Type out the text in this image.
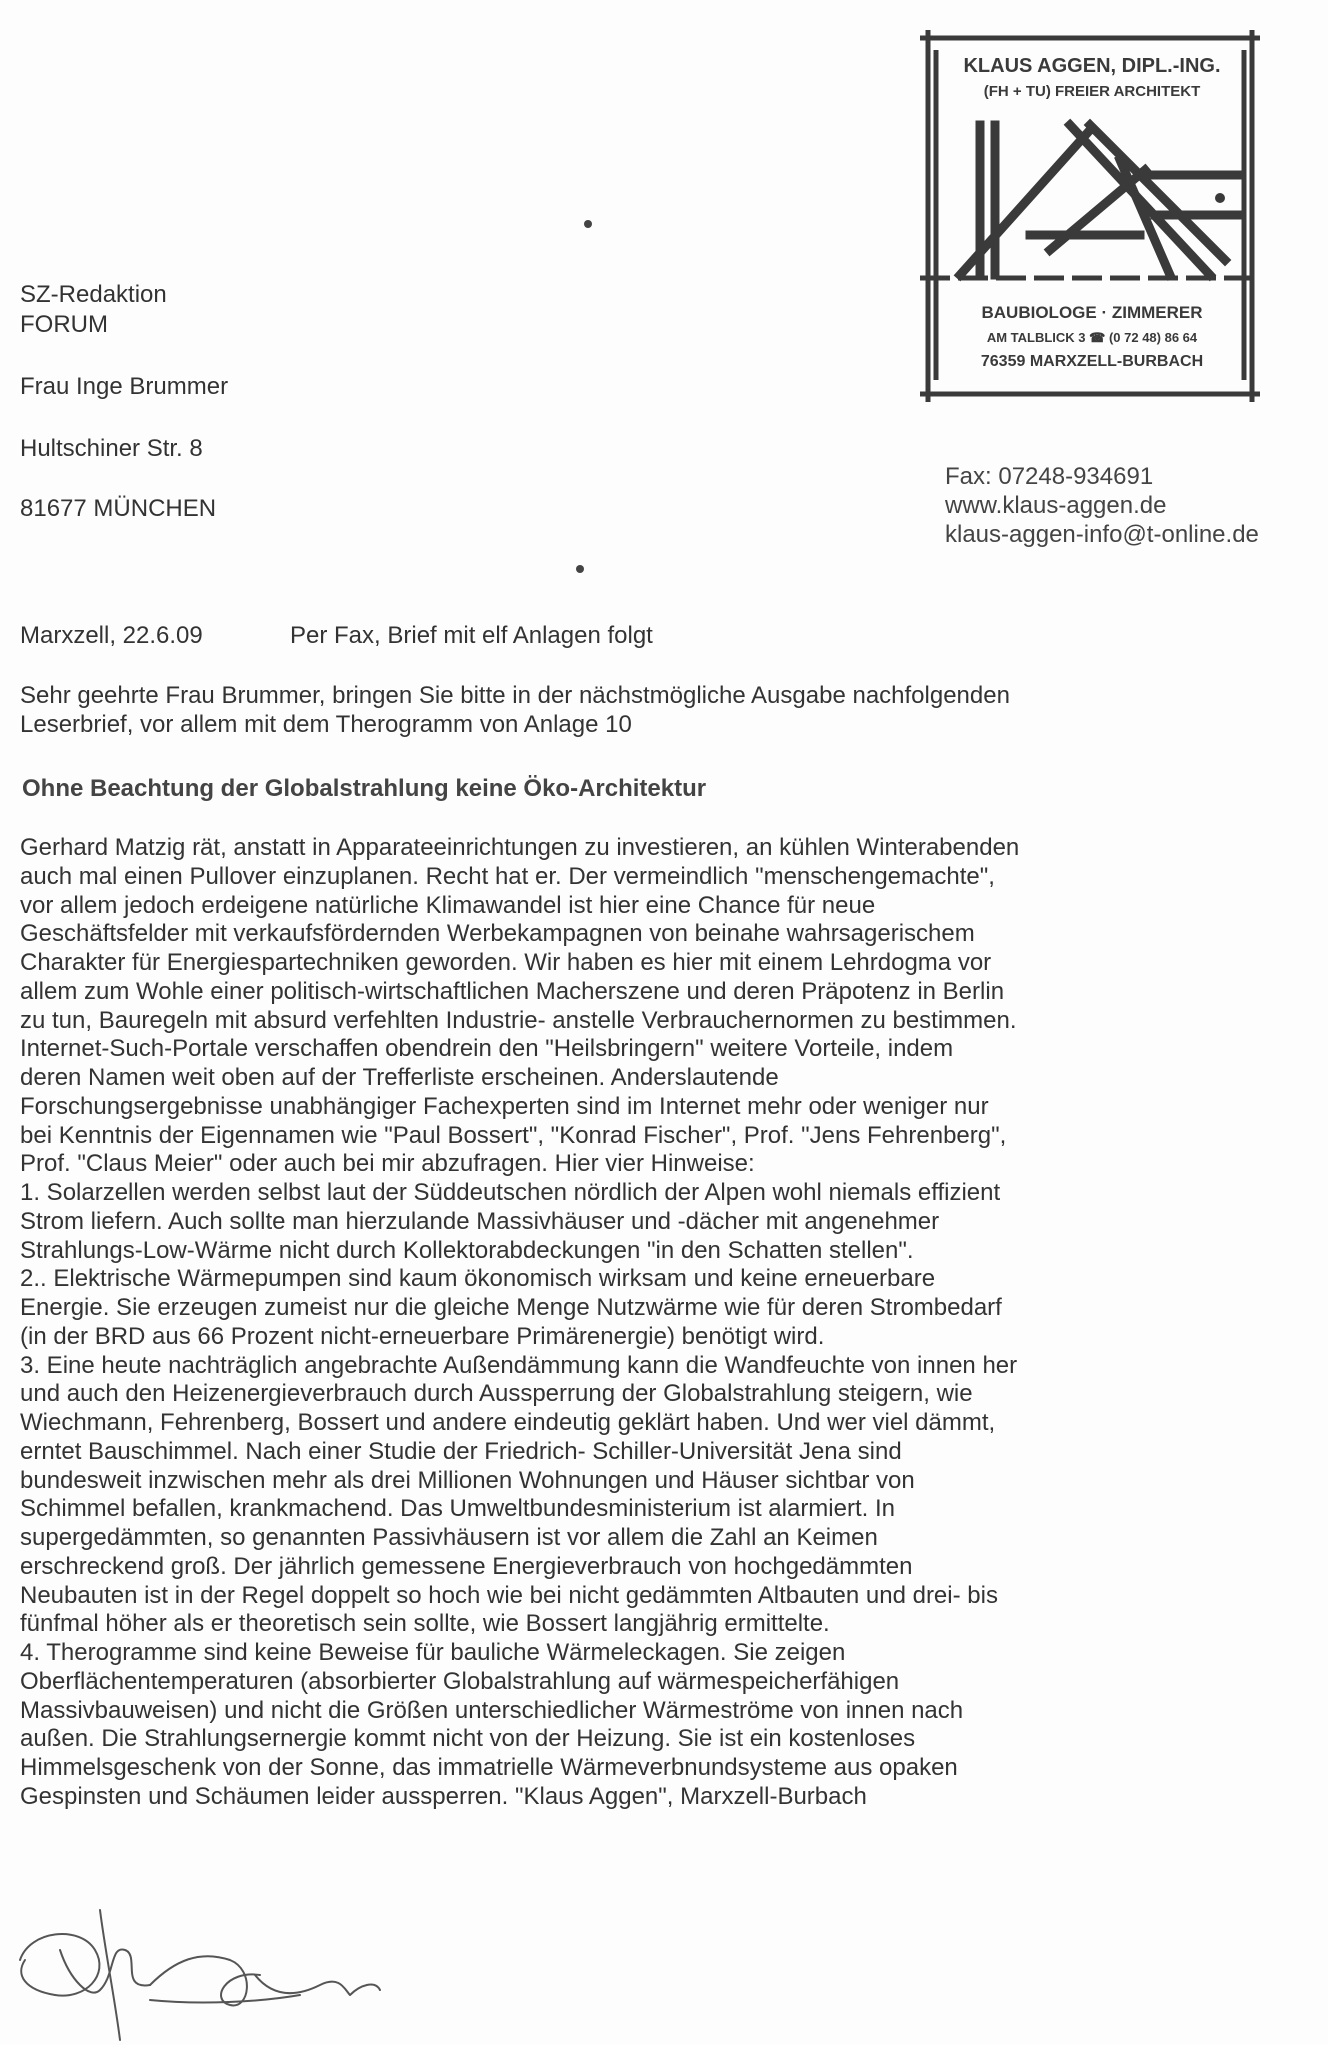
KLAUS AGGEN, DIPL.-ING.
(FH + TU) FREIER ARCHITEKT
BAUBIOLOGE · ZIMMERER
AM TALBLICK 3 ☎ (0 72 48) 86 64
76359 MARXZELL-BURBACH
SZ-Redaktion
FORUM
Frau Inge Brummer
Hultschiner Str. 8
81677 MÜNCHEN
Fax: 07248-934691
www.klaus-aggen.de
klaus-aggen-info@t-online.de
Marxzell, 22.6.09	Per Fax, Brief mit elf Anlagen folgt
Sehr geehrte Frau Brummer, bringen Sie bitte in der nächstmögliche Ausgabe nachfolgenden
Leserbrief, vor allem mit dem Therogramm von Anlage 10
Ohne Beachtung der Globalstrahlung keine Öko-Architektur
Gerhard Matzig rät, anstatt in Apparateeinrichtungen zu investieren, an kühlen Winterabenden
auch mal einen Pullover einzuplanen. Recht hat er. Der vermeindlich "menschengemachte",
vor allem jedoch erdeigene natürliche Klimawandel ist hier eine Chance für neue
Geschäftsfelder mit verkaufsfördernden Werbekampagnen von beinahe wahrsagerischem
Charakter für Energiespartechniken geworden. Wir haben es hier mit einem Lehrdogma vor
allem zum Wohle einer politisch-wirtschaftlichen Macherszene und deren Präpotenz in Berlin
zu tun, Bauregeln mit absurd verfehlten Industrie- anstelle Verbrauchernormen zu bestimmen.
Internet-Such-Portale verschaffen obendrein den "Heilsbringern" weitere Vorteile, indem
deren Namen weit oben auf der Trefferliste erscheinen. Anderslautende
Forschungsergebnisse unabhängiger Fachexperten sind im Internet mehr oder weniger nur
bei Kenntnis der Eigennamen wie "Paul Bossert", "Konrad Fischer", Prof. "Jens Fehrenberg",
Prof. "Claus Meier" oder auch bei mir abzufragen. Hier vier Hinweise:
1. Solarzellen werden selbst laut der Süddeutschen nördlich der Alpen wohl niemals effizient
Strom liefern. Auch sollte man hierzulande Massivhäuser und -dächer mit angenehmer
Strahlungs-Low-Wärme nicht durch Kollektorabdeckungen "in den Schatten stellen".
2.. Elektrische Wärmepumpen sind kaum ökonomisch wirksam und keine erneuerbare
Energie. Sie erzeugen zumeist nur die gleiche Menge Nutzwärme wie für deren Strombedarf
(in der BRD aus 66 Prozent nicht-erneuerbare Primärenergie) benötigt wird.
3. Eine heute nachträglich angebrachte Außendämmung kann die Wandfeuchte von innen her
und auch den Heizenergieverbrauch durch Aussperrung der Globalstrahlung steigern, wie
Wiechmann, Fehrenberg, Bossert und andere eindeutig geklärt haben. Und wer viel dämmt,
erntet Bauschimmel. Nach einer Studie der Friedrich- Schiller-Universität Jena sind
bundesweit inzwischen mehr als drei Millionen Wohnungen und Häuser sichtbar von
Schimmel befallen, krankmachend. Das Umweltbundesministerium ist alarmiert. In
supergedämmten, so genannten Passivhäusern ist vor allem die Zahl an Keimen
erschreckend groß. Der jährlich gemessene Energieverbrauch von hochgedämmten
Neubauten ist in der Regel doppelt so hoch wie bei nicht gedämmten Altbauten und drei- bis
fünfmal höher als er theoretisch sein sollte, wie Bossert langjährig ermittelte.
4. Therogramme sind keine Beweise für bauliche Wärmeleckagen. Sie zeigen
Oberflächentemperaturen (absorbierter Globalstrahlung auf wärmespeicherfähigen
Massivbauweisen) und nicht die Größen unterschiedlicher Wärmeströme von innen nach
außen. Die Strahlungsernergie kommt nicht von der Heizung. Sie ist ein kostenloses
Himmelsgeschenk von der Sonne, das immatrielle Wärmeverbnundsysteme aus opaken
Gespinsten und Schäumen leider aussperren. "Klaus Aggen", Marxzell-Burbach
